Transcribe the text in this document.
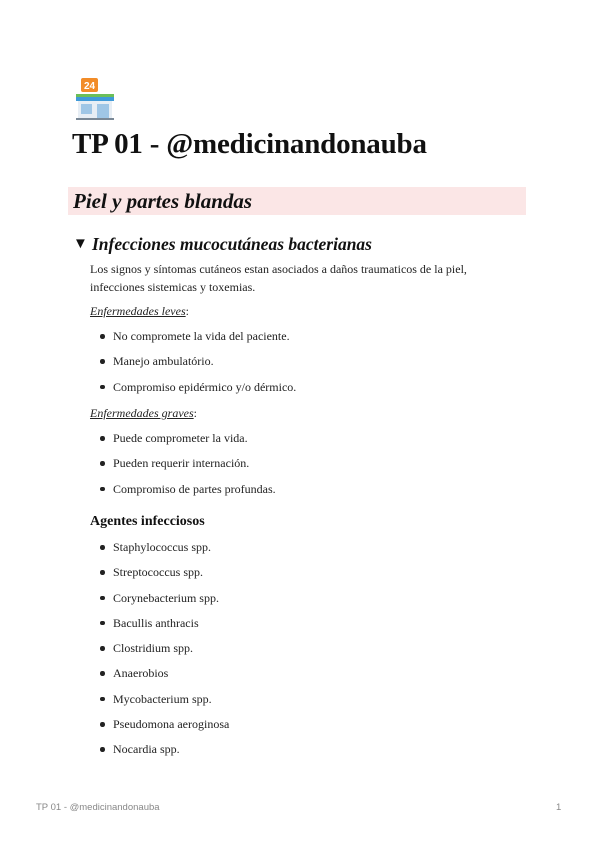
24
TP 01 - @medicinandonauba
Piel y partes blandas
▼ Infecciones mucocutáneas bacterianas

Los signos y síntomas cutáneos estan asociados a daños traumaticos de la piel,
infecciones sistemicas y toxemias.

Enfermedades leves:

No compromete la vida del paciente.
Manejo ambulatório.
Compromiso epidérmico y/o dérmico.

Enfermedades graves:

Puede comprometer la vida.
Pueden requerir internación.
Compromiso de partes profundas.
Agentes infecciosos
Staphylococcus spp.
Streptococcus spp.
Corynebacterium spp.
Bacullis anthracis
Clostridium spp.
Anaerobios
Mycobacterium spp.
Pseudomona aeroginosa
Nocardia spp.
TP 01 - @medicinandonauba	1
